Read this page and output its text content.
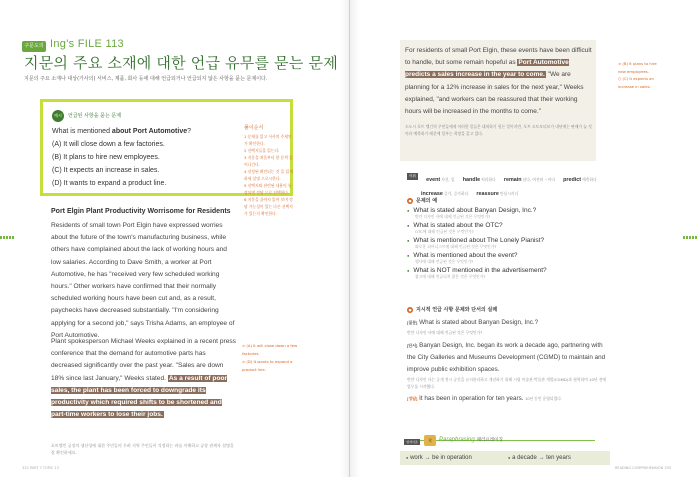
구문도의 Ing's FILE 113
지문의 주요 소재에 대한 언급 유무를 묻는 문제
지문의 주요 소재나 대상(가사의) 서비스, 제품, 회사 등에 대해 언급되거나 언급되지 않은 사항을 묻는 문제이다.
예시	언급된 사항을 묻는 문제
What is mentioned about Port Automotive?
(A) It will close down a few factories.
(B) It plans to hire new employees.
(C) It expects an increase in sales.
(D) It wants to expand a product line.
풀이순서
1 문제를 읽고 서사의 주제인가 확인한다.
2 선택지들을 읽는다.
3 지문을 처음부터 한 문씩 읽어나간다.
4 선정된 확인되는 것 을 읽게하세 설명 으로시한다.
5 선택지와 관련된 내용이 통장되면 정답 으로 선택한다.
6 지문을 끝까지 읽어 보며 정답 가능성이 있는 다른 선택지가 있는지 확인한다.
Port Elgin Plant Productivity Worrisome for Residents
Residents of small town Port Elgin have expressed worries about the future of the town's manufacturing business, while others have complained about the lack of working hours and low salaries. According to Dave Smith, a worker at Port Automotive, he has "received very few scheduled working hours." Other workers have confirmed that their normally scheduled working hours have been cut and, as a result, paychecks have decreased substantially. "I'm considering applying for a second job," says Trisha Adams, an employee of Port Automotive.
Plant spokesperson Michael Weeks explained in a recent press conference that the demand for automotive parts has decreased significantly over the past year. "Sales are down 18% since last January," Weeks stated. As a result of poor sales, the plant has been forced to downgrade its productivity which required shifts to be shortened and part-time workers to lose their jobs.
포트엘킨 공장의 생산성에 대한 주민들의 우려 지역 주민들이 걱정하는 바를 이해하고 공장 관계자 설명을 잘 확인하세요.
× (A) It will close down a few factories.
× (D) It wants to expand a product line.
332 PART 7 TOPIC 13
For residents of small Port Elgin, these events have been difficult to handle, but some remain hopeful as Port Automotive predicts a sales increase in the year to come. "We are planning for a 12% increase in sales for the next year," Weeks explained, "and workers can be reassured that their working hours will be increased in the months to come."
소도시 포트 엘긴의 주민들에게 이러한 일들은 대처하기 힘든 일이지만, 포트 오토모티브가 내년에는 판매가 늘 것이라 예측하기 때문에 일부는 희망을 갖고 있다.
× (B) It plans to hire new employees.
○ (C) It expects an increase in sales.
어휘 event사건, 일 handle처리하다 remain남다, 여전히 ~이다 predict예측하다
increase증가, 증가하다 reassure안심시키다
● 문제의 예
● What is stated about Banyan Design, Inc.?
반얀 디자인 사에 대해 언급된 것은 무엇인가?
● What is stated about the OTC?
OTC에 대해 언급된 것은 무엇인가?
● What is mentioned about The Lonely Pianist?
외로운 피아니스트에 대해 언급된 것은 무엇인가?
● What is mentioned about the event?
행사에 대해 언급된 것은 무엇인가?
● What is NOT mentioned in the advertisement?
광고에 대해 언급되지 않은 것은 무엇인가?
● 지시적 언급 사항 문제와 단서의 실례
[질문] What is stated about Banyan Design, Inc.?
반얀 디자인 사에 대해 언급된 것은 무엇인가?
[단서] Banyan Design, Inc. began its work a decade ago, partnering with the City Galleries and Museums Development (CGMD) to maintain and improve public exhibition spaces.
반얀 디자인 사는 공개 전시 공간을 유지관리하고 개선하기 위해 시립 미술관·박물관 개발(CGMD)과 협력하며 10년 전에 업무를 시작했다.
[정답] It has been in operation for ten years. 10년 동안 운영되었다.
일석이조	착	Paraphrasing 패러프레이징
● work → be in operation	● a decade → ten years
READING COMPREHENSION 333
